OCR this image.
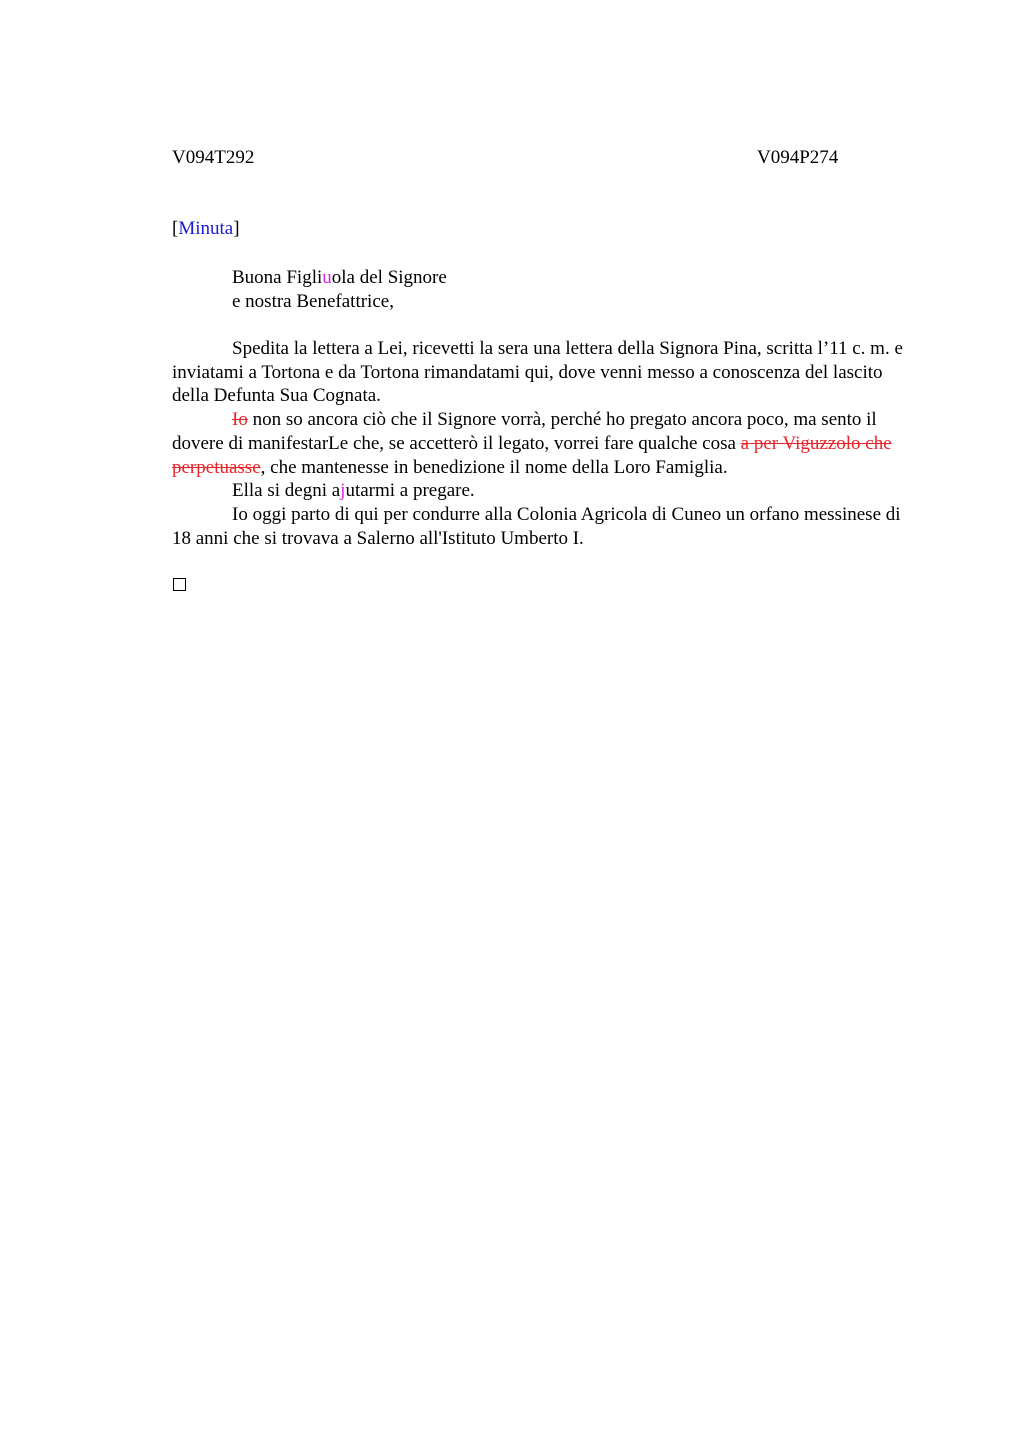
V094T292	V094P274
[Minuta]
Buona Figliuola del Signore
e nostra Benefattrice,

Spedita la lettera a Lei, ricevetti la sera una lettera della Signora Pina, scritta l’11 c. m. e inviatami a Tortona e da Tortona rimandatami qui, dove venni messo a conoscenza del lascito della Defunta Sua Cognata.

Io non so ancora ciò che il Signore vorrà, perché ho pregato ancora poco, ma sento il dovere di manifestarLe che, se accetterò il legato, vorrei fare qualche cosa a per Viguzzolo che perpetuasse, che mantenesse in benedizione il nome della Loro Famiglia.

Ella si degni ajutarmi a pregare.

Io oggi parto di qui per condurre alla Colonia Agricola di Cuneo un orfano messinese di 18 anni che si trovava a Salerno all'Istituto Umberto I.
